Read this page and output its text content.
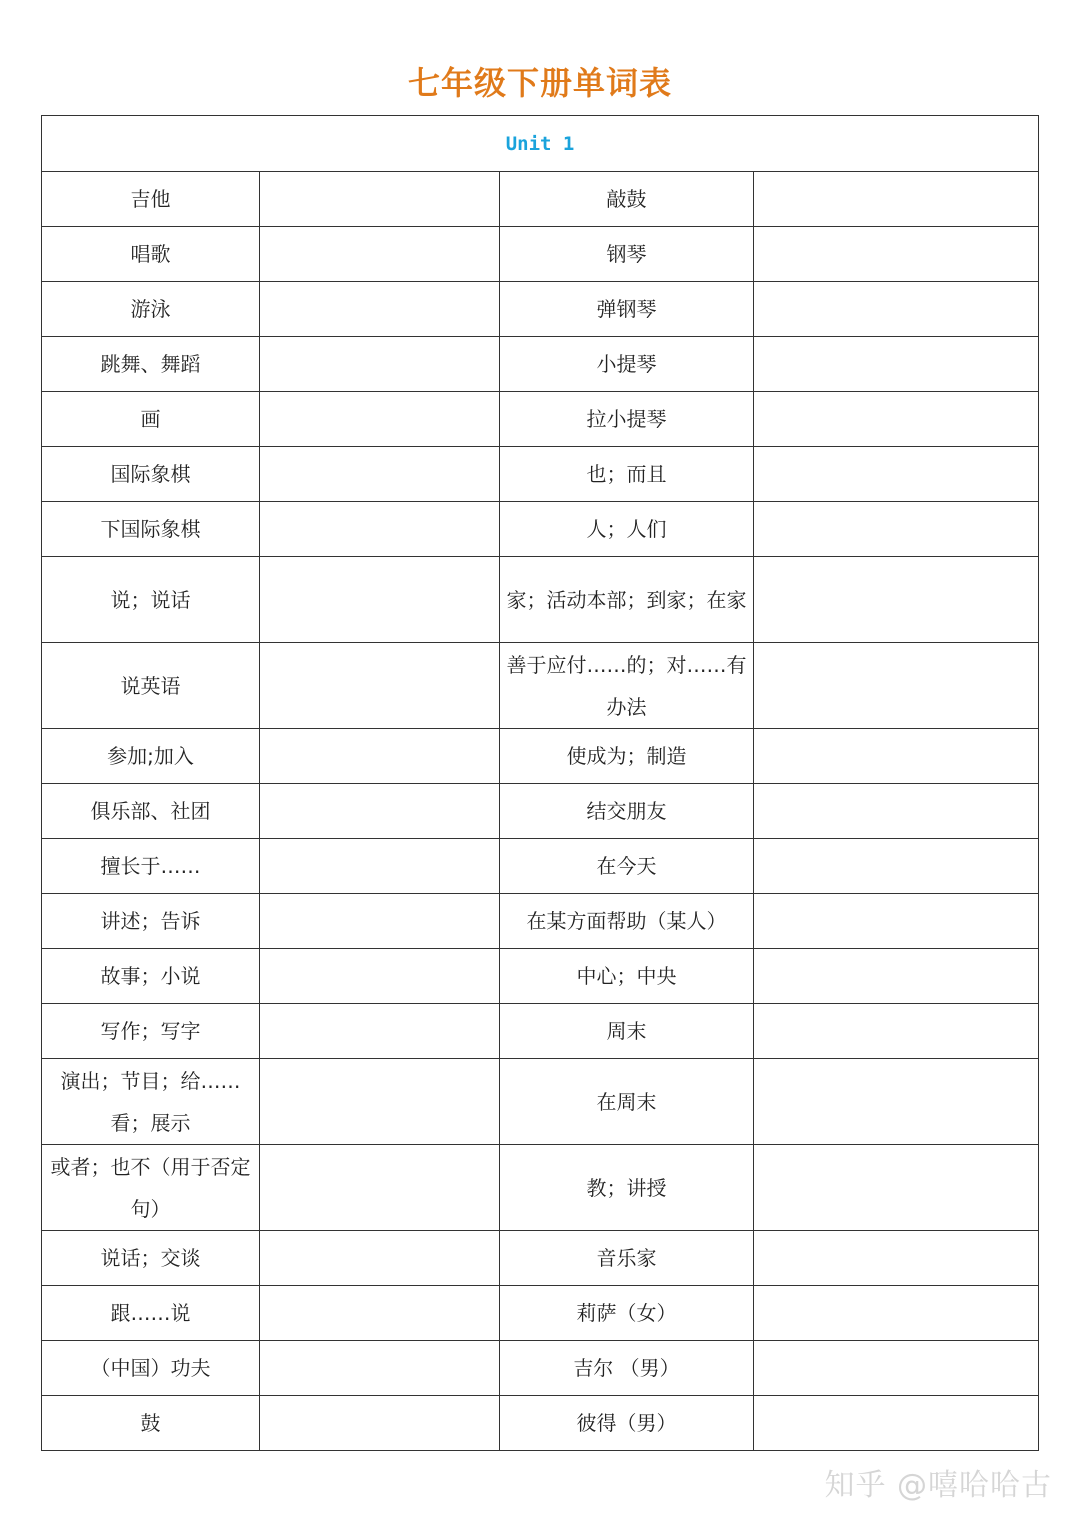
七年级下册单词表
Unit 1			
吉他		敲鼓	
唱歌		钢琴	
游泳		弹钢琴	
跳舞、舞蹈		小提琴	
画		拉小提琴	
国际象棋		也；而且	
下国际象棋		人；人们	
说；说话		家；活动本部；到家；在家	
说英语		善于应付……的；对……有办法	
参加;加入		使成为；制造	
俱乐部、社团		结交朋友	
擅长于……		在今天	
讲述；告诉		在某方面帮助（某人）	
故事；小说		中心；中央	
写作；写字		周末	
演出；节目；给……看；展示		在周末	
或者；也不（用于否定句）		教；讲授	
说话；交谈		音乐家	
跟……说		莉萨（女）	
（中国）功夫		吉尔 （男）	
鼓		彼得（男）	
知乎 @嘻哈哈古
